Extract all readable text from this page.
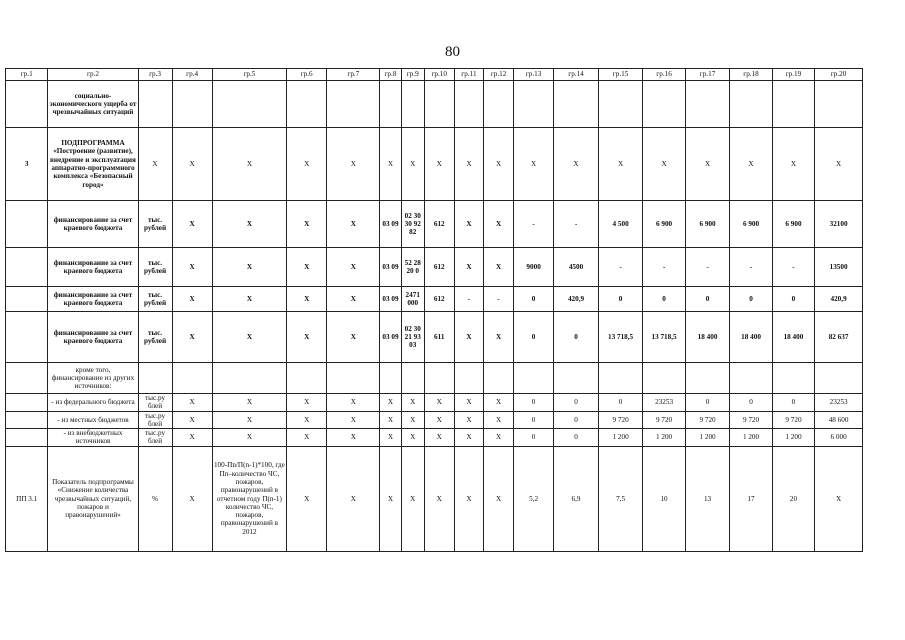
80
гр.1	гр.2	гр.3	гр.4	гр.5	гр.6	гр.7	гр.8	гр.9	гр.10	гр.11	гр.12	гр.13	гр.14	гр.15	гр.16	гр.17	гр.18	гр.19	гр.20
	социально-экономического ущерба от чрезвычайных ситуаций																		
3	ПОДПРОГРАММА «Построение (развитие), внедрение и эксплуатация аппаратно-программного комплекса «Безопасный город»	Х	Х	Х	Х	Х	Х	Х	Х	Х	Х	Х	Х	Х	Х	Х	Х	Х	Х
	финансирование за счет краевого бюджета	тыс. рублей	Х	Х	Х	Х	03 09	02 30 30 92 82	612	Х	Х	-	-	4 500	6 900	6 900	6 900	6 900	32100
	финансирование за счет краевого бюджета	тыс. рублей	Х	Х	Х	Х	03 09	52 28 20 0	612	Х	Х	9000	4500	-	-	-	-	-	13500
	финансирование за счет краевого бюджета	тыс. рублей	Х	Х	Х	Х	03 09	2471 000	612	-	-	0	420,9	0	0	0	0	0	420,9
	финансирование за счет краевого бюджета	тыс. рублей	Х	Х	Х	Х	03 09	02 30 21 93 03	611	Х	Х	0	0	13 718,5	13 718,5	18 400	18 400	18 400	82 637
	кроме того, финансирование из других источников:																		
	- из федерального бюджета	тыс.ру блей	Х	Х	Х	Х	Х	Х	Х	Х	Х	0	0	0	23253	0	0	0	23253
	- из местных бюджетов	тыс.ру блей	Х	Х	Х	Х	Х	Х	Х	Х	Х	0	0	9 720	9 720	9 720	9 720	9 720	48 600
	- из внебюджетных источников	тыс.ру блей	Х	Х	Х	Х	Х	Х	Х	Х	Х	0	0	1 200	1 200	1 200	1 200	1 200	6 000
ПП 3.1	Показатель подпрограммы «Снижение количества чрезвычайных ситуаций, пожаров и правонарушений»	%	Х	100-Пn/П(n-1)*100, где Пn–количество ЧС, пожаров, правонарушений в отчетном году П(n-1) количество ЧС, пожаров, правонарушений в 2012	Х	Х	Х	Х	Х	Х	Х	5,2	6,9	7,5	10	13	17	20	Х
